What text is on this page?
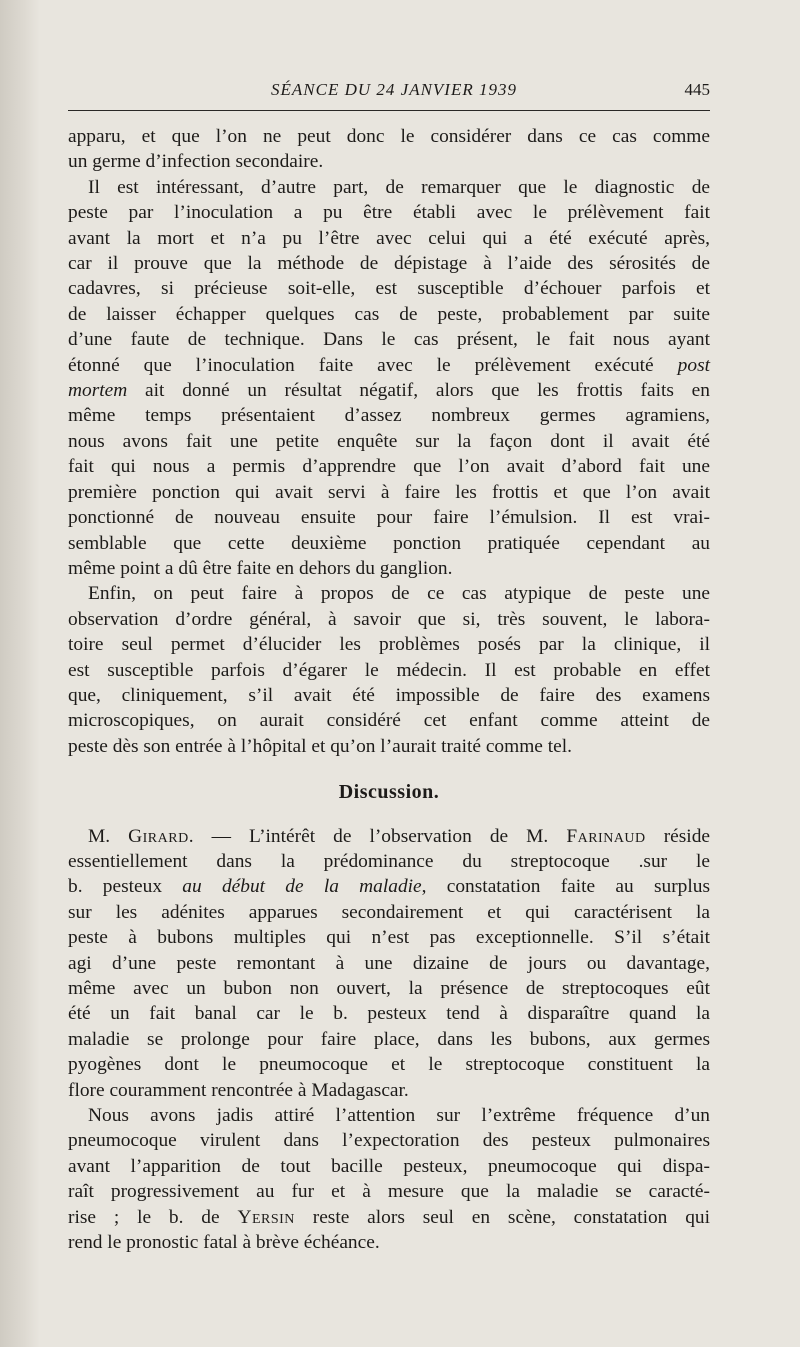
SÉANCE DU 24 JANVIER 1939	445

apparu, et que l’on ne peut donc le considérer dans ce cas comme
un germe d’infection secondaire.

Il est intéressant, d’autre part, de remarquer que le diagnostic de
peste par l’inoculation a pu être établi avec le prélèvement fait
avant la mort et n’a pu l’être avec celui qui a été exécuté après,
car il prouve que la méthode de dépistage à l’aide des sérosités de
cadavres, si précieuse soit-elle, est susceptible d’échouer parfois et
de laisser échapper quelques cas de peste, probablement par suite
d’une faute de technique. Dans le cas présent, le fait nous ayant
étonné que l’inoculation faite avec le prélèvement exécuté post
mortem ait donné un résultat négatif, alors que les frottis faits en
même temps présentaient d’assez nombreux germes agramiens,
nous avons fait une petite enquête sur la façon dont il avait été
fait qui nous a permis d’apprendre que l’on avait d’abord fait une
première ponction qui avait servi à faire les frottis et que l’on avait
ponctionné de nouveau ensuite pour faire l’émulsion. Il est vrai-
semblable que cette deuxième ponction pratiquée cependant au
même point a dû être faite en dehors du ganglion.

Enfin, on peut faire à propos de ce cas atypique de peste une
observation d’ordre général, à savoir que si, très souvent, le labora-
toire seul permet d’élucider les problèmes posés par la clinique, il
est susceptible parfois d’égarer le médecin. Il est probable en effet
que, cliniquement, s’il avait été impossible de faire des examens
microscopiques, on aurait considéré cet enfant comme atteint de
peste dès son entrée à l’hôpital et qu’on l’aurait traité comme tel.

Discussion.

M. Girard. — L’intérêt de l’observation de M. Farinaud réside
essentiellement dans la prédominance du streptocoque .sur le
b. pesteux au début de la maladie, constatation faite au surplus
sur les adénites apparues secondairement et qui caractérisent la
peste à bubons multiples qui n’est pas exceptionnelle. S’il s’était
agi d’une peste remontant à une dizaine de jours ou davantage,
même avec un bubon non ouvert, la présence de streptocoques eût
été un fait banal car le b. pesteux tend à disparaître quand la
maladie se prolonge pour faire place, dans les bubons, aux germes
pyogènes dont le pneumocoque et le streptocoque constituent la
flore couramment rencontrée à Madagascar.

Nous avons jadis attiré l’attention sur l’extrême fréquence d’un
pneumocoque virulent dans l’expectoration des pesteux pulmonaires
avant l’apparition de tout bacille pesteux, pneumocoque qui dispa-
raît progressivement au fur et à mesure que la maladie se caracté-
rise ; le b. de Yersin reste alors seul en scène, constatation qui
rend le pronostic fatal à brève échéance.
